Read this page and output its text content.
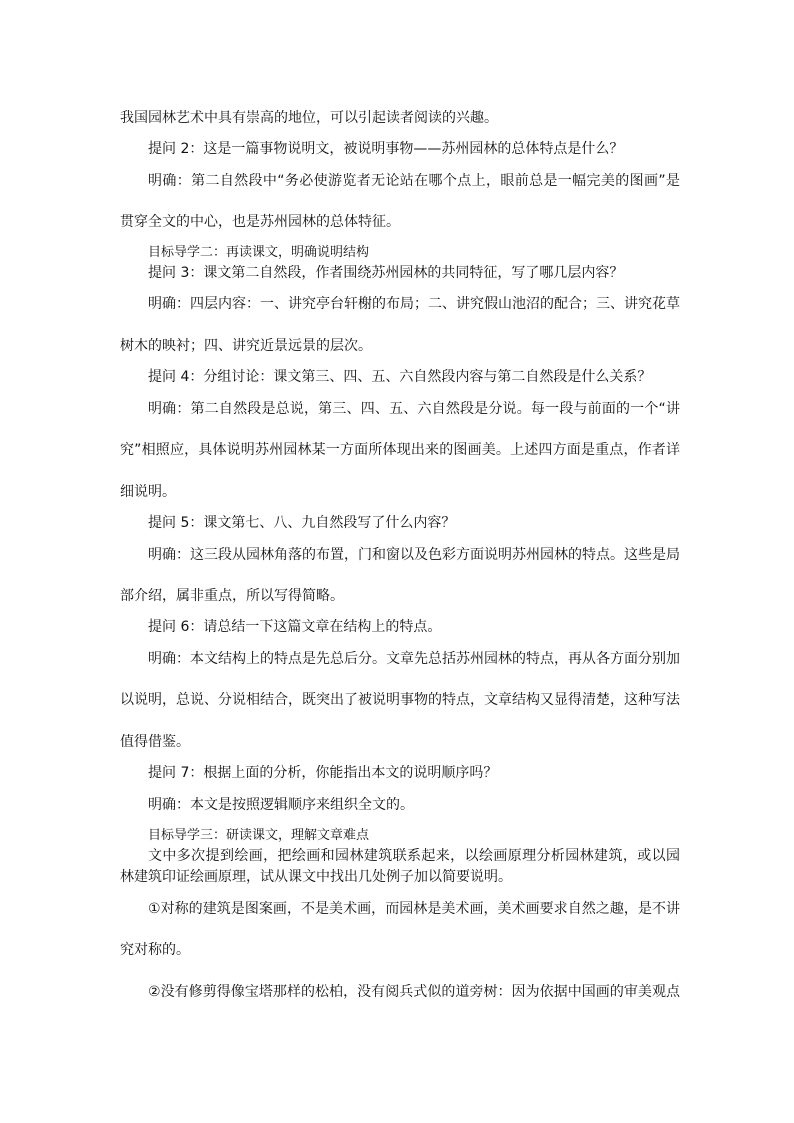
我国园林艺术中具有崇高的地位，可以引起读者阅读的兴趣。
提问 2：这是一篇事物说明文，被说明事物——苏州园林的总体特点是什么？
明确：第二自然段中“务必使游览者无论站在哪个点上，眼前总是一幅完美的图画”是
贯穿全文的中心，也是苏州园林的总体特征。
目标导学二：再读课文，明确说明结构
提问 3：课文第二自然段，作者围绕苏州园林的共同特征，写了哪几层内容？
明确：四层内容：一、讲究亭台轩榭的布局；二、讲究假山池沼的配合；三、讲究花草
树木的映衬；四、讲究近景远景的层次。
提问 4：分组讨论：课文第三、四、五、六自然段内容与第二自然段是什么关系？
明确：第二自然段是总说，第三、四、五、六自然段是分说。每一段与前面的一个“讲
究”相照应，具体说明苏州园林某一方面所体现出来的图画美。上述四方面是重点，作者详
细说明。
提问 5：课文第七、八、九自然段写了什么内容？
明确：这三段从园林角落的布置，门和窗以及色彩方面说明苏州园林的特点。这些是局
部介绍，属非重点，所以写得简略。
提问 6：请总结一下这篇文章在结构上的特点。
明确：本文结构上的特点是先总后分。文章先总括苏州园林的特点，再从各方面分别加
以说明，总说、分说相结合，既突出了被说明事物的特点，文章结构又显得清楚，这种写法
值得借鉴。
提问 7：根据上面的分析，你能指出本文的说明顺序吗？
明确：本文是按照逻辑顺序来组织全文的。
目标导学三：研读课文，理解文章难点
文中多次提到绘画，把绘画和园林建筑联系起来，以绘画原理分析园林建筑，或以园
林建筑印证绘画原理，试从课文中找出几处例子加以简要说明。
①对称的建筑是图案画，不是美术画，而园林是美术画，美术画要求自然之趣，是不讲
究对称的。
②没有修剪得像宝塔那样的松柏，没有阅兵式似的道旁树：因为依据中国画的审美观点
